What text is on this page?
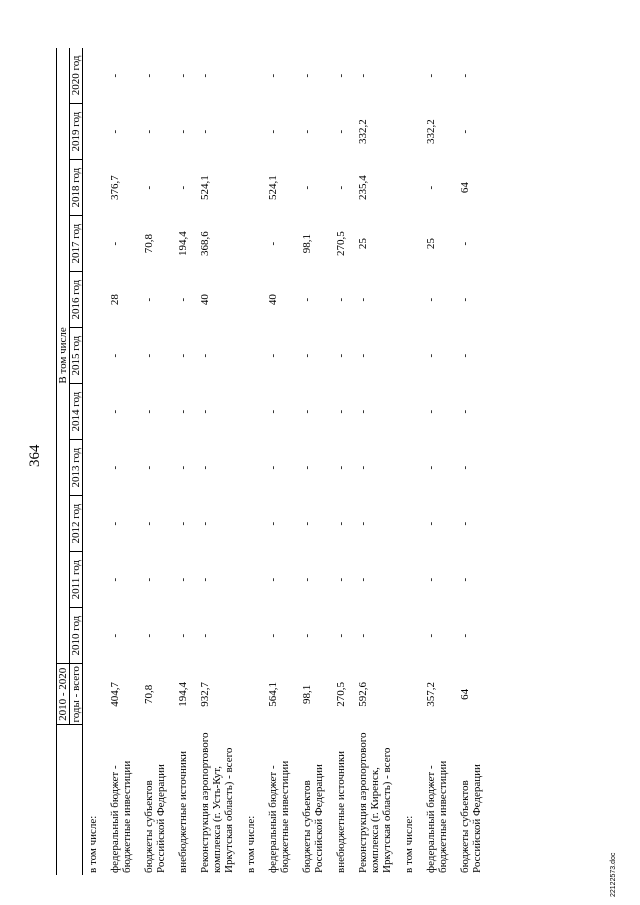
364
22122573.doc
	2010 - 2020	В том числе										
	годы - всего	2010 год	2011 год	2012 год	2013 год	2014 год	2015 год	2016 год	2017 год	2018 год	2019 год	2020 год
в том числе:												
федеральный бюджет - бюджетные инвестиции	404,7	-	-	-	-	-	-	28	-	376,7	-	-
бюджеты субъектов Российской Федерации	70,8	-	-	-	-	-	-	-	70,8	-	-	-
внебюджетные источники	194,4	-	-	-	-	-	-	-	194,4	-	-	-
Реконструкция аэропортового комплекса (г. Усть-Кут, Иркутская область) - всего	932,7	-	-	-	-	-	-	40	368,6	524,1	-	-
в том числе:												
федеральный бюджет - бюджетные инвестиции	564,1	-	-	-	-	-	-	40	-	524,1	-	-
бюджеты субъектов Российской Федерации	98,1	-	-	-	-	-	-	-	98,1	-	-	-
внебюджетные источники	270,5	-	-	-	-	-	-	-	270,5	-	-	-
Реконструкция аэропортового комплекса (г. Киренск, Иркутская область) - всего	592,6	-	-	-	-	-	-	-	25	235,4	332,2	-
в том числе:												
федеральный бюджет - бюджетные инвестиции	357,2	-	-	-	-	-	-	-	25	-	332,2	-
бюджеты субъектов Российской Федерации	64	-	-	-	-	-	-	-	-	64	-	-
